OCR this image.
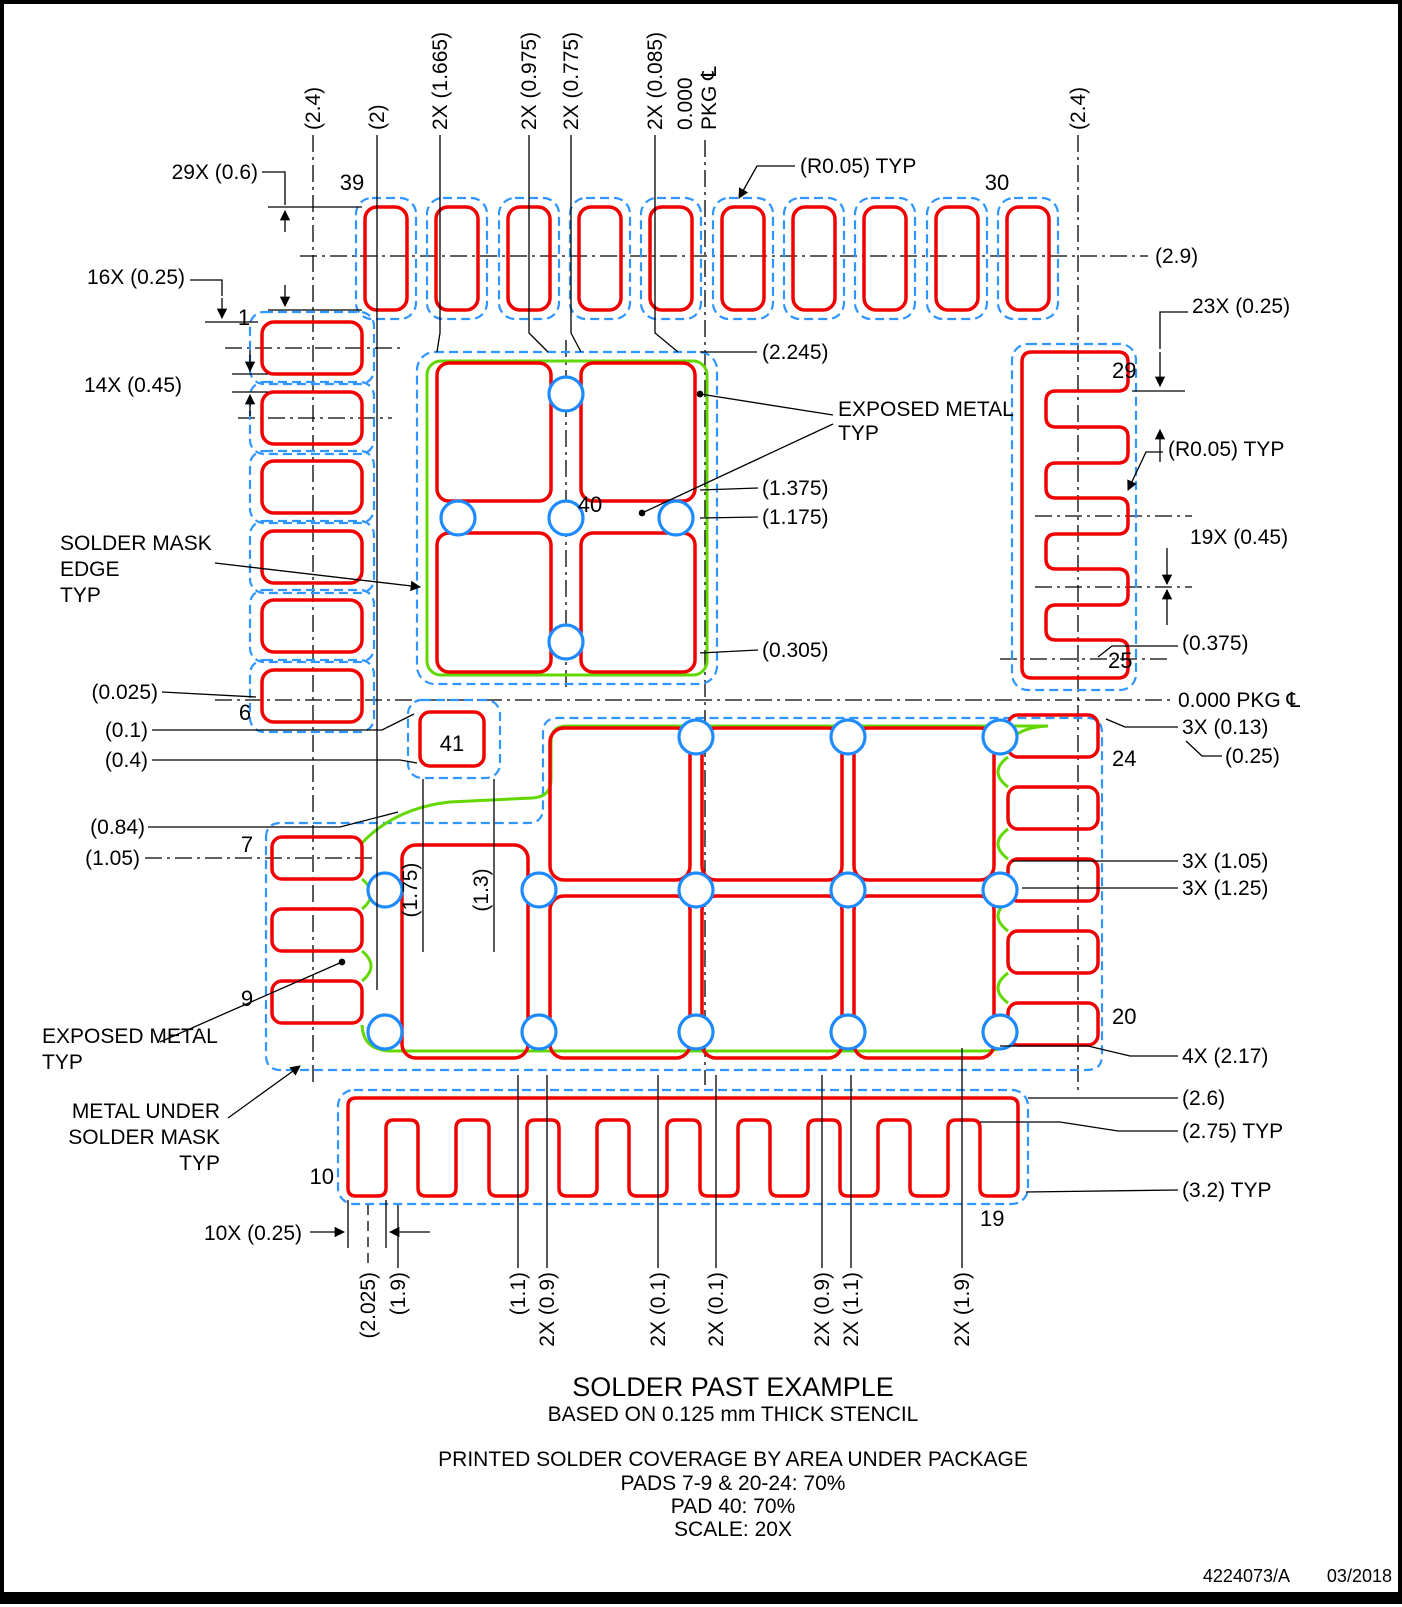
(2.4) (2) 2X (1.665)	2X (0.975) 2X (0.775)	2X (0.085) 0.000 PKG ℄	(2.4)
29X (0.6)	(R0.05) TYP
(2.9)
16X (0.25)
23X (0.25)
14X (0.45)
(2.245)
EXPOSED METAL
TYP
(1.375)
(1.175)
(0.305)
(1.75) (1.3)
(R0.05) TYP
19X (0.45)
(0.375)
0.000 PKG ℄
3X (0.13)
(0.25)
3X (1.05)
3X (1.25)
4X (2.17)
(2.6)
(2.75) TYP
(3.2) TYP
SOLDER MASK
EDGE
TYP
(0.025)
(0.1)
(0.4)
(0.84)
(1.05)
EXPOSED METAL
TYP
METAL UNDER
SOLDER MASK
TYP
10X (0.25)
(2.025) (1.9)	(1.1) 2X (0.9)	2X (0.1) 2X (0.1)	2X (0.9) 2X (1.1)	2X (1.9)
39	30
1
6
7
9
10
19
20
24
25
29
40
41
SOLDER PAST EXAMPLE
BASED ON 0.125 mm THICK STENCIL
PRINTED SOLDER COVERAGE BY AREA UNDER PACKAGE
PADS 7-9 & 20-24: 70%
PAD 40: 70%
SCALE: 20X
4224073/A 03/2018
